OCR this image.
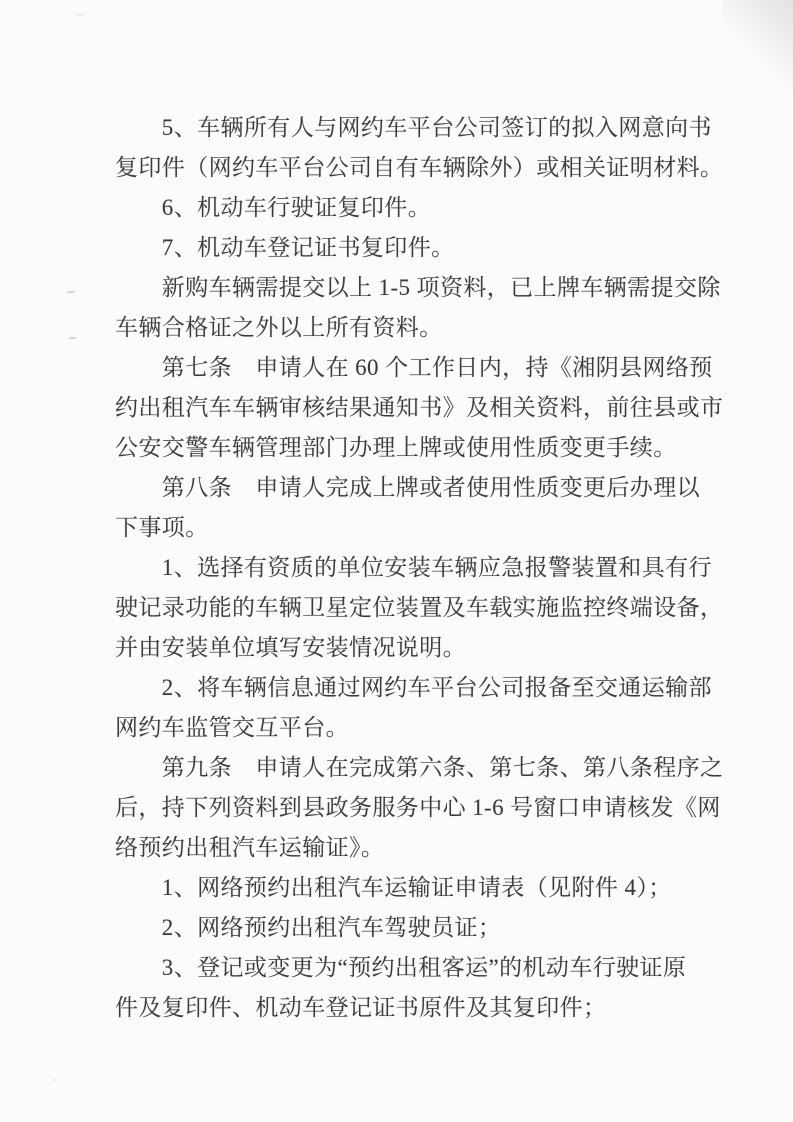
　　5、车辆所有人与网约车平台公司签订的拟入网意向书
复印件（网约车平台公司自有车辆除外）或相关证明材料。
　　6、机动车行驶证复印件。
　　7、机动车登记证书复印件。
　　新购车辆需提交以上 1-5 项资料，已上牌车辆需提交除
车辆合格证之外以上所有资料。
　　第七条　申请人在 60 个工作日内，持《湘阴县网络预
约出租汽车车辆审核结果通知书》及相关资料，前往县或市
公安交警车辆管理部门办理上牌或使用性质变更手续。
　　第八条　申请人完成上牌或者使用性质变更后办理以
下事项。
　　1、选择有资质的单位安装车辆应急报警装置和具有行
驶记录功能的车辆卫星定位装置及车载实施监控终端设备，
并由安装单位填写安装情况说明。
　　2、将车辆信息通过网约车平台公司报备至交通运输部
网约车监管交互平台。
　　第九条　申请人在完成第六条、第七条、第八条程序之
后，持下列资料到县政务服务中心 1-6 号窗口申请核发《网
络预约出租汽车运输证》。
　　1、网络预约出租汽车运输证申请表（见附件 4）；
　　2、网络预约出租汽车驾驶员证；
　　3、登记或变更为“预约出租客运”的机动车行驶证原
件及复印件、机动车登记证书原件及其复印件；
